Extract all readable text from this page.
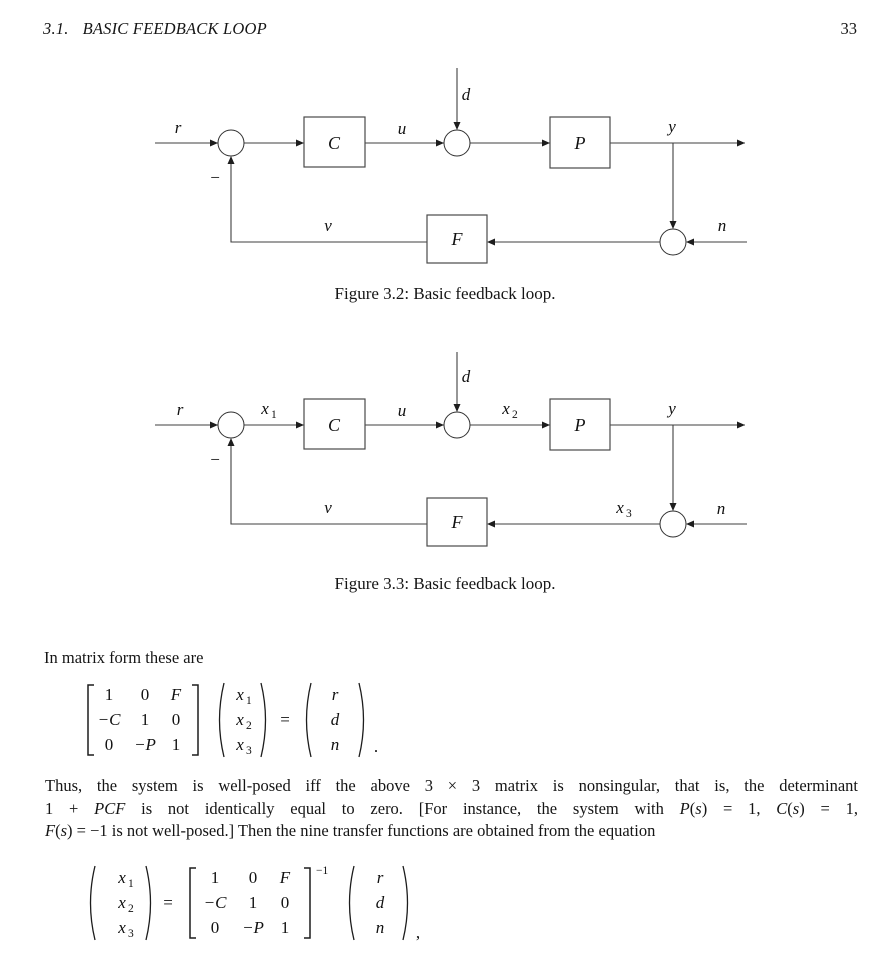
3.1. BASIC FEEDBACK LOOP	33
C	P
F
r	u
d
y
v	n
−
Figure 3.2: Basic feedback loop.
C	P
F
r	u
d
y
v	n
−
x 1	x 2
x 3
Figure 3.3: Basic feedback loop.
In matrix form these are
1 0 F
−C 1 0
0 −P 1
x 1
x 2
x 3
=
r
d
n .
Thus, the system is well-posed iff the above 3 × 3 matrix is nonsingular, that is, the determinant
1 + PCF is not identically equal to zero. [For instance, the system with P(s) = 1, C(s) = 1,
F(s) = −1 is not well-posed.] Then the nine transfer functions are obtained from the equation
x 1
x 2
x 3
=
1 0 F
−C 1 0
0 −P 1
−1	r
d
n ,
